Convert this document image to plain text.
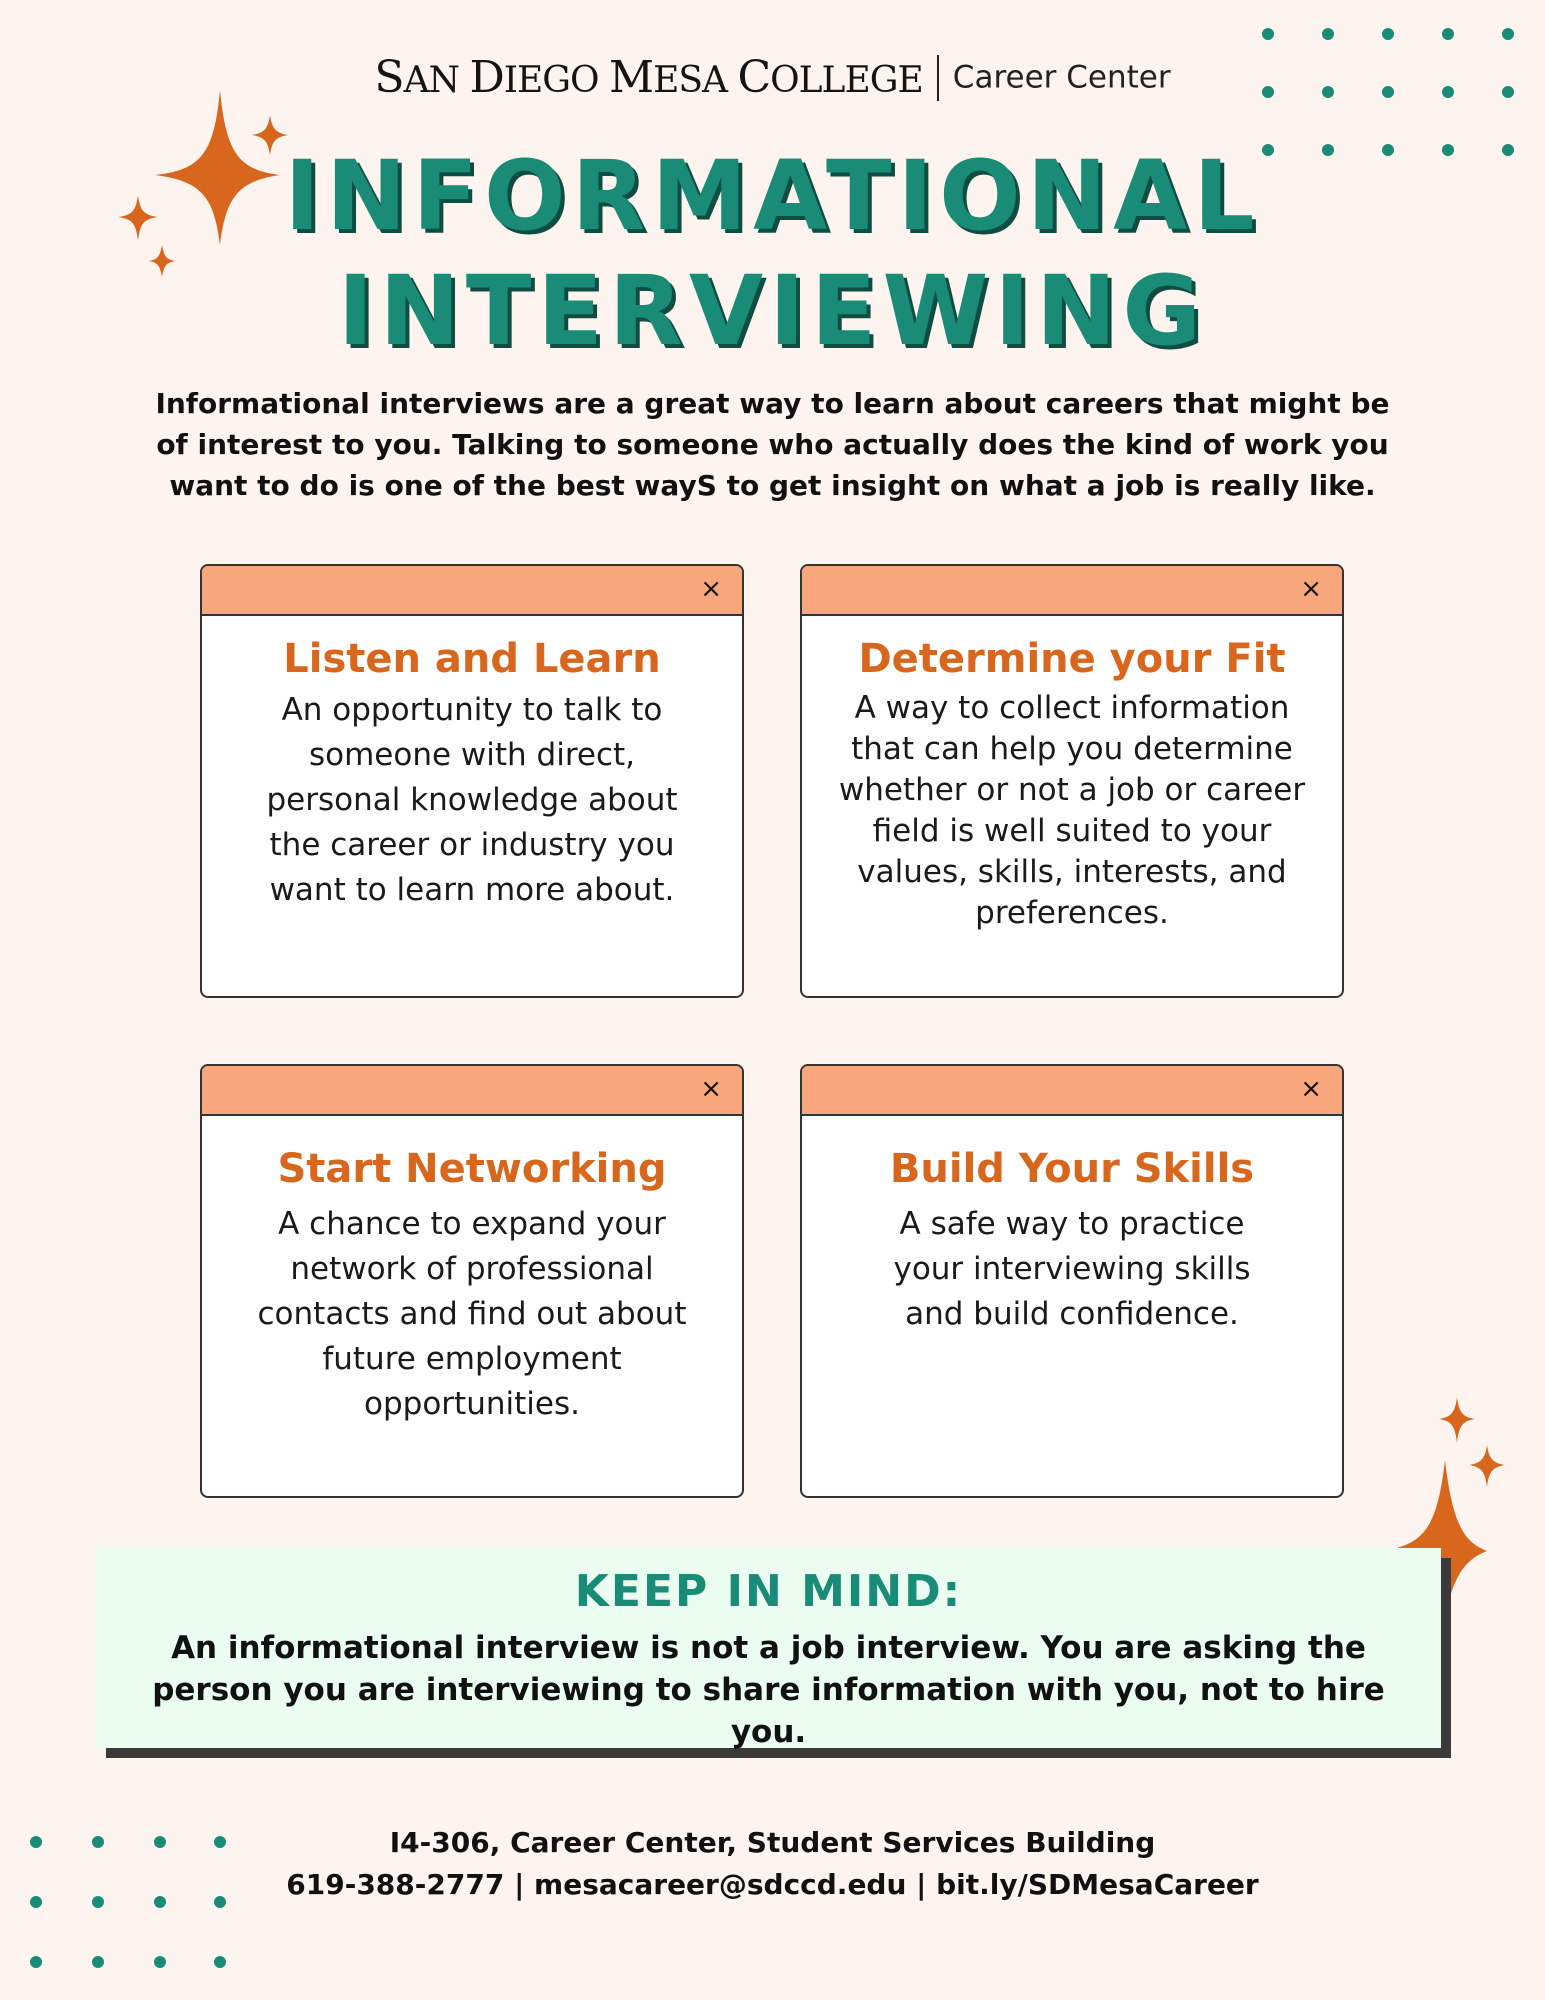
SAN DIEGO MESA COLLEGE Career Center
INFORMATIONAL
INTERVIEWING
Informational interviews are a great way to learn about careers that might be of interest to you. Talking to someone who actually does the kind of work you want to do is one of the best wayS to get insight on what a job is really like.
×
Listen and Learn

An opportunity to talk to someone with direct, personal knowledge about the career or industry you want to learn more about.

×
Determine your Fit

A way to collect information that can help you determine whether or not a job or career field is well suited to your values, skills, interests, and preferences.

×
Start Networking

A chance to expand your network of professional contacts and find out about future employment opportunities.

×
Build Your Skills

A safe way to practice your interviewing skills and build confidence.

KEEP IN MIND:

An informational interview is not a job interview. You are asking the person you are interviewing to share information with you, not to hire you.

I4-306, Career Center, Student Services Building
619-388-2777 | mesacareer@sdccd.edu | bit.ly/SDMesaCareer
